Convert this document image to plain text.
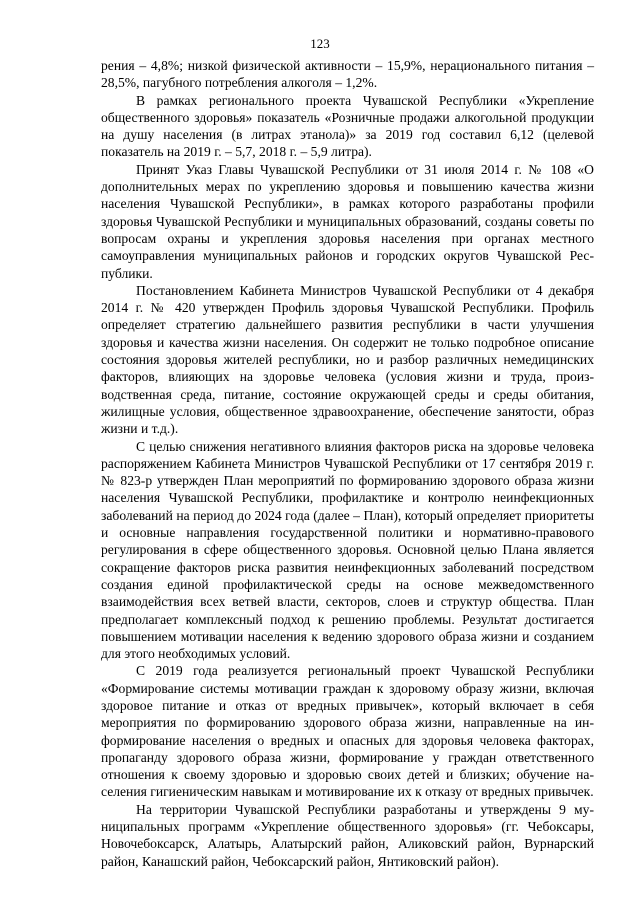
123

рения – 4,8%; низкой физической активности – 15,9%, нерационального питания – 28,5%, пагубного потребления алкоголя – 1,2%.

В рамках регионального проекта Чувашской Республики «Укрепление общественного здоровья» показатель «Розничные продажи алкогольной продукции на душу населения (в литрах этанола)» за 2019 год составил 6,12 (целевой показатель на 2019 г. – 5,7, 2018 г. – 5,9 литра).

Принят Указ Главы Чувашской Республики от 31 июля 2014 г. № 108 «О дополнительных мерах по укреплению здоровья и повышению качества жизни населения Чувашской Республики», в рамках которого разработаны профили здоровья Чувашской Республики и муниципальных образований, созданы советы по вопросам охраны и укрепления здоровья населения при органах местного самоуправления муниципальных районов и городских округов Чувашской Республики.

Постановлением Кабинета Министров Чувашской Республики от 4 декабря 2014 г. № 420 утвержден Профиль здоровья Чувашской Республики. Профиль определяет стратегию дальнейшего развития республики в части улучшения здоровья и качества жизни населения. Он содержит не только подробное описание состояния здоровья жителей республики, но и разбор различных немедицинских факторов, влияющих на здоровье человека (условия жизни и труда, производственная среда, питание, состояние окружающей среды и среды обитания, жилищные условия, общественное здравоохранение, обеспечение занятости, образ жизни и т.д.).

С целью снижения негативного влияния факторов риска на здоровье человека распоряжением Кабинета Министров Чувашской Республики от 17 сентября 2019 г. № 823-р утвержден План мероприятий по формированию здорового образа жизни населения Чувашской Республики, профилактике и контролю неинфекционных заболеваний на период до 2024 года (далее – План), который определяет приоритеты и основные направления государственной политики и нормативно-правового регулирования в сфере общественного здоровья. Основной целью Плана является сокращение факторов риска развития неинфекционных заболеваний посредством создания единой профилактической среды на основе межведомственного взаимодействия всех ветвей власти, секторов, слоев и структур общества. План предполагает комплексный подход к решению проблемы. Результат достигается повышением мотивации населения к ведению здорового образа жизни и созданием для этого необходимых условий.

С 2019 года реализуется региональный проект Чувашской Республики «Формирование системы мотивации граждан к здоровому образу жизни, включая здоровое питание и отказ от вредных привычек», который включает в себя мероприятия по формированию здорового образа жизни, направленные на информирование населения о вредных и опасных для здоровья человека факторах, пропаганду здорового образа жизни, формирование у граждан ответственного отношения к своему здоровью и здоровью своих детей и близких; обучение населения гигиеническим навыкам и мотивирование их к отказу от вредных привычек.

На территории Чувашской Республики разработаны и утверждены 9 муниципальных программ «Укрепление общественного здоровья» (гг. Чебоксары, Новочебоксарск, Алатырь, Алатырский район, Аликовский район, Вурнарский район, Канашский район, Чебоксарский район, Янтиковский район).
